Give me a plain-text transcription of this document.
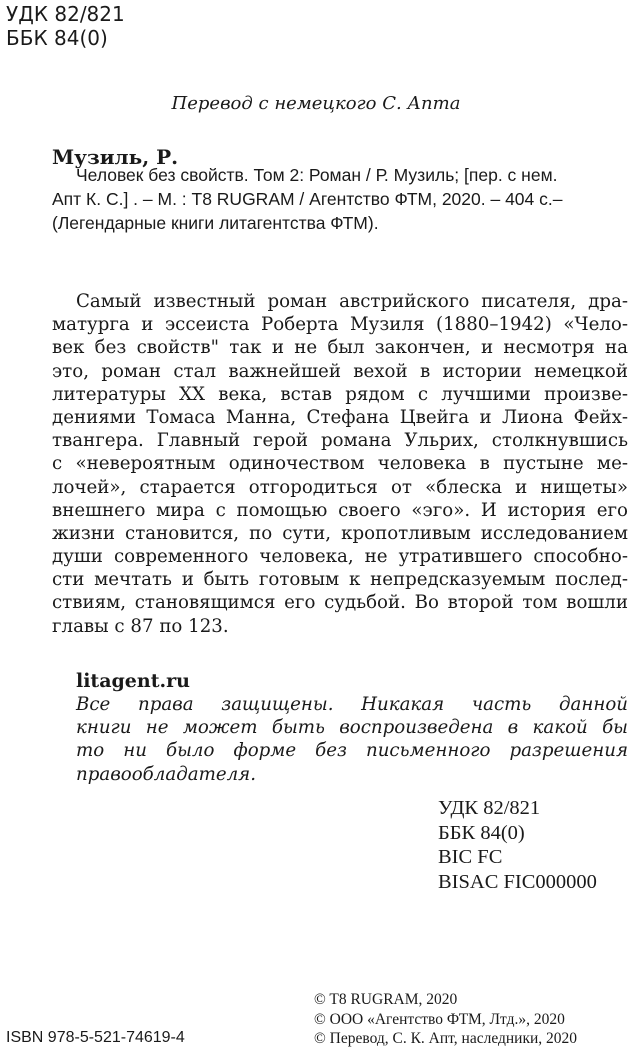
УДК 82/821
ББК 84(0)
Перевод с немецкого С. Апта
Музиль, Р.
Человек без свойств. Том 2: Роман / Р. Музиль; [пер. с нем.
Апт К. С.] . – М. : T8 RUGRAM / Агентство ФТМ, 2020. – 404 с.–
(Легендарные книги литагентства ФТМ).
Самый известный роман австрийского писателя, дра-
матурга и эссеиста Роберта Музиля (1880–1942) «Чело-
век без свойств" так и не был закончен, и несмотря на
это, роман стал важнейшей вехой в истории немецкой
литературы XX века, встав рядом с лучшими произве-
дениями Томаса Манна, Стефана Цвейга и Лиона Фейх-
твангера. Главный герой романа Ульрих, столкнувшись
с «невероятным одиночеством человека в пустыне ме-
лочей», старается отгородиться от «блеска и нищеты»
внешнего мира с помощью своего «эго». И история его
жизни становится, по сути, кропотливым исследованием
души современного человека, не утратившего способно-
сти мечтать и быть готовым к непредсказуемым послед-
ствиям, становящимся его судьбой. Во второй том вошли
главы с 87 по 123.
litagent.ru
Все права защищены. Никакая часть данной
книги не может быть воспроизведена в какой бы
то ни было форме без письменного разрешения
правообладателя.
УДК 82/821
ББК 84(0)
BIC FC
BISAC FIC000000
© T8 RUGRAM, 2020
© ООО «Агентство ФТМ, Лтд.», 2020
© Перевод, С. К. Апт, наследники, 2020
ISBN 978-5-521-74619-4
